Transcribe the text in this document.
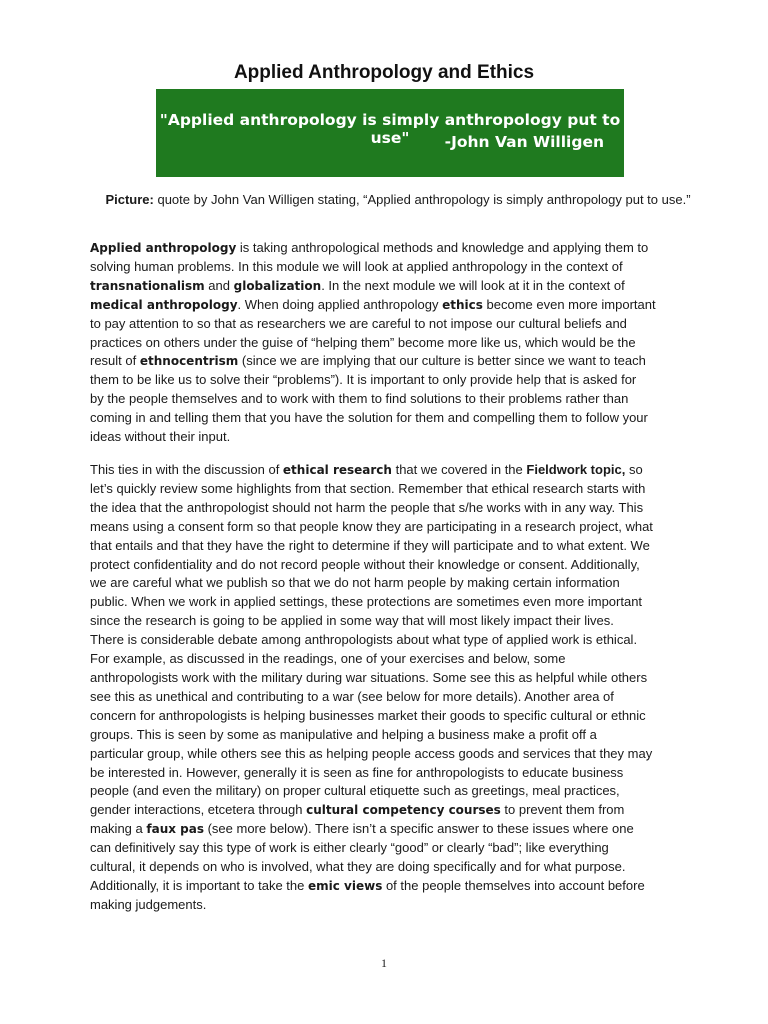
Applied Anthropology and Ethics
"Applied anthropology is simply anthropology put to use"	-John Van Willigen
Picture: quote by John Van Willigen stating, “Applied anthropology is simply anthropology put to use.”
Applied anthropology is taking anthropological methods and knowledge and applying them to
solving human problems. In this module we will look at applied anthropology in the context of
transnationalism and globalization. In the next module we will look at it in the context of
medical anthropology. When doing applied anthropology ethics become even more important
to pay attention to so that as researchers we are careful to not impose our cultural beliefs and
practices on others under the guise of “helping them” become more like us, which would be the
result of ethnocentrism (since we are implying that our culture is better since we want to teach
them to be like us to solve their “problems”). It is important to only provide help that is asked for
by the people themselves and to work with them to find solutions to their problems rather than
coming in and telling them that you have the solution for them and compelling them to follow your
ideas without their input.
This ties in with the discussion of ethical research that we covered in the Fieldwork topic, so
let’s quickly review some highlights from that section. Remember that ethical research starts with
the idea that the anthropologist should not harm the people that s/he works with in any way. This
means using a consent form so that people know they are participating in a research project, what
that entails and that they have the right to determine if they will participate and to what extent. We
protect confidentiality and do not record people without their knowledge or consent. Additionally,
we are careful what we publish so that we do not harm people by making certain information
public. When we work in applied settings, these protections are sometimes even more important
since the research is going to be applied in some way that will most likely impact their lives.
There is considerable debate among anthropologists about what type of applied work is ethical.
For example, as discussed in the readings, one of your exercises and below, some
anthropologists work with the military during war situations. Some see this as helpful while others
see this as unethical and contributing to a war (see below for more details). Another area of
concern for anthropologists is helping businesses market their goods to specific cultural or ethnic
groups. This is seen by some as manipulative and helping a business make a profit off a
particular group, while others see this as helping people access goods and services that they may
be interested in. However, generally it is seen as fine for anthropologists to educate business
people (and even the military) on proper cultural etiquette such as greetings, meal practices,
gender interactions, etcetera through cultural competency courses to prevent them from
making a faux pas (see more below). There isn’t a specific answer to these issues where one
can definitively say this type of work is either clearly “good” or clearly “bad”; like everything
cultural, it depends on who is involved, what they are doing specifically and for what purpose.
Additionally, it is important to take the emic views of the people themselves into account before
making judgements.
1
